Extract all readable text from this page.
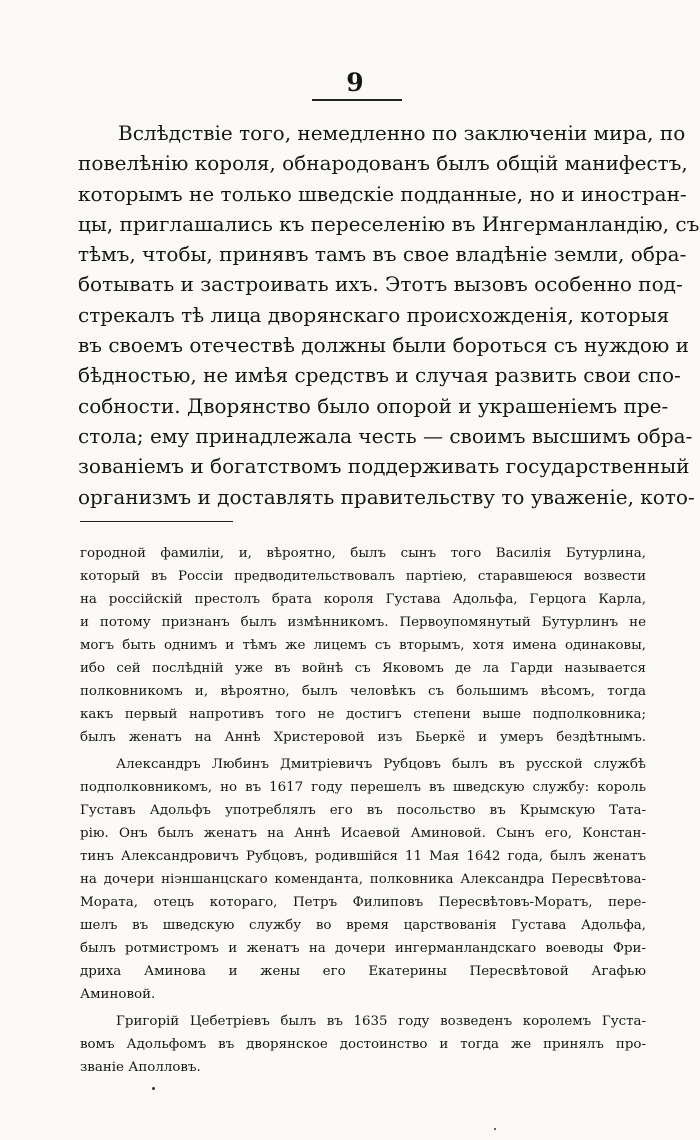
9
Вслѣдствіе того, немедленно по заключеніи мира, по
повелѣнію короля, обнародованъ былъ общій манифестъ,
которымъ не только шведскіе подданные, но и иностран-
цы, приглашались къ переселенію въ Ингерманландію, съ
тѣмъ, чтобы, принявъ тамъ въ свое владѣніе земли, обра-
ботывать и застроивать ихъ. Этотъ вызовъ особенно под-
стрекалъ тѣ лица дворянскаго происхожденія, которыя
въ своемъ отечествѣ должны были бороться съ нуждою и
бѣдностью, не имѣя средствъ и случая развить свои спо-
собности. Дворянство было опорой и украшеніемъ пре-
стола; ему принадлежала честь — своимъ высшимъ обра-
зованіемъ и богатствомъ поддерживать государственный
организмъ и доставлять правительству то уваженіе, кото-
городной фамиліи, и, вѣроятно, былъ сынъ того Василія Бутурлина,
который въ Россіи предводительствовалъ партіею, старавшеюся возвести
на россійскій престолъ брата короля Густава Адольфа, Герцога Карла,
и потому признанъ былъ измѣнникомъ. Первоупомянутый Бутурлинъ не
могъ быть однимъ и тѣмъ же лицемъ съ вторымъ, хотя имена одинаковы,
ибо сей послѣдній уже въ войнѣ съ Яковомъ де ла Гарди называется
полковникомъ и, вѣроятно, былъ человѣкъ съ большимъ вѣсомъ, тогда
какъ первый напротивъ того не достигъ степени выше подполковника;
былъ женатъ на Аннѣ Христеровой изъ Бьеркё и умеръ бездѣтнымъ.
Александръ Любинъ Дмитріевичъ Рубцовъ былъ въ русской службѣ
подполковникомъ, но въ 1617 году перешелъ въ шведскую службу: король
Густавъ Адольфъ употреблялъ его въ посольство въ Крымскую Тата-
рію. Онъ былъ женатъ на Аннѣ Исаевой Аминовой. Сынъ его, Констан-
тинъ Александровичъ Рубцовъ, родившійся 11 Мая 1642 года, былъ женатъ
на дочери ніэншанцскаго коменданта, полковника Александра Пересвѣтова-
Мората, отецъ котораго, Петръ Филиповъ Пересвѣтовъ-Моратъ, пере-
шелъ въ шведскую службу во время царствованія Густава Адольфа,
былъ ротмистромъ и женатъ на дочери ингерманландскаго воеводы Фри-
дриха Аминова и жены его Екатерины Пересвѣтовой Агафью
Аминовой.
Григорій Цебетріевъ былъ въ 1635 году возведенъ королемъ Густа-
вомъ Адольфомъ въ дворянское достоинство и тогда же принялъ про-
званіе Аполловъ.
